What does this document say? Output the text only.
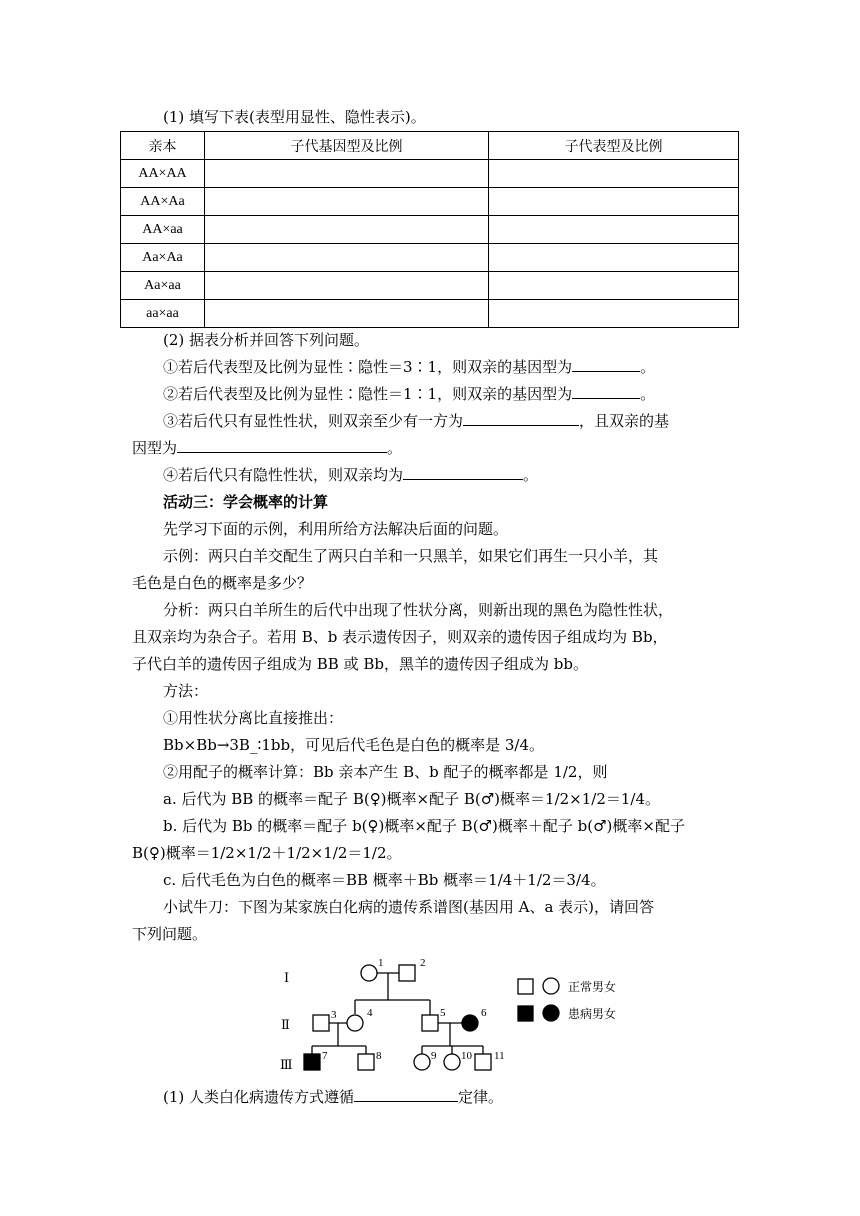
(1) 填写下表(表型用显性、隐性表示)。
亲本	子代基因型及比例	子代表型及比例
AA×AA		
AA×Aa		
AA×aa		
Aa×Aa		
Aa×aa		
aa×aa		
(2) 据表分析并回答下列问题。
①若后代表型及比例为显性∶隐性＝3∶1，则双亲的基因型为	。
②若后代表型及比例为显性∶隐性＝1∶1，则双亲的基因型为	。
③若后代只有显性性状，则双亲至少有一方为	，且双亲的基
因型为	。
④若后代只有隐性性状，则双亲均为	。
活动三：学会概率的计算
先学习下面的示例，利用所给方法解决后面的问题。
示例：两只白羊交配生了两只白羊和一只黑羊，如果它们再生一只小羊，其
毛色是白色的概率是多少？
分析：两只白羊所生的后代中出现了性状分离，则新出现的黑色为隐性性状，
且双亲均为杂合子。若用 B、b 表示遗传因子，则双亲的遗传因子组成均为 Bb，
子代白羊的遗传因子组成为 BB 或 Bb，黑羊的遗传因子组成为 bb。
方法：
①用性状分离比直接推出：
Bb×Bb→3B_∶1bb，可见后代毛色是白色的概率是 3/4。
②用配子的概率计算：Bb 亲本产生 B、b 配子的概率都是 1/2，则
a. 后代为 BB 的概率＝配子 B(♀)概率×配子 B(♂)概率＝1/2×1/2＝1/4。
b. 后代为 Bb 的概率＝配子 b(♀)概率×配子 B(♂)概率＋配子 b(♂)概率×配子
B(♀)概率＝1/2×1/2＋1/2×1/2＝1/2。
c. 后代毛色为白色的概率＝BB 概率＋Bb 概率＝1/4＋1/2＝3/4。
小试牛刀：下图为某家族白化病的遗传系谱图(基因用 A、a 表示)，请回答
下列问题。
Ⅰ
Ⅱ
Ⅲ
1	2
3	4	5	6
7	8	9 10 11
正常男女
患病男女
(1) 人类白化病遗传方式遵循	定律。
